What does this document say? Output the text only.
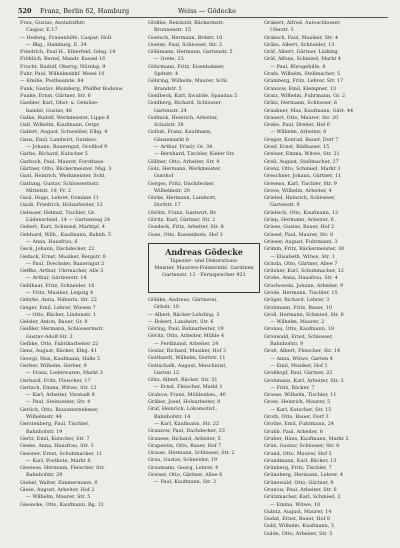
520 Franz, Berlin 62, Hamburg	Weiss — Gödecke
Frau, Gustav, Anstaltsfhrr.
Caspar, E.17
— Hedwig, Frauenhilfe, Caspar, Holl.
— Bbg., Hamburg, E. 34
Friedrich, Paul H., Elberfeld, Gdsg. 14
Fröhlich, Bernd, Mandr. Kassel 16
Frucht, Rudolf, Oberrg. Nürnbg. 9
Fuhr, Paul, Wilhelmsbhf. Wesel 10
— Emilie, Postbeamte, 84
Funk, Gustav, Blomberg, Pfeiffer Bodenw.
Funke, Ernst, Gärtner, Str. 6
Gaebler, Karl, Obst- u. Gemüse-
handel, Gustav, 46
Galke, Rudolf, Werkmeister, Lippe 8
Gall, Wilhelm, Kaufmann, Ostpr.
Gallert, August, Schweißer, Elbg. 4
Gans, Emil, Landwirt, Gutsbes.
— Johann, Bauerngut, Großhof 9
Garbe, Richard, Kutscher 5
Garbsch, Paul, Maurer, Forsthaus
Gärtner, Otto, Bäckermeister, Nbg. 3
Gast, Heinrich, Werkmeister, Schl.
Gattung, Gustav, Schlossermstr.
Mittelstr. 19, Pr. 2
Gaul, Hugo, Lehrer, Domäne 11
Gauß, Friedrich, Holzarbeiter, 12
Gebauer, Helmut, Tischler, Gr.
Lüdenscheid, 14 — Gartenweg 24
Gebert, Kurt, Schmied, Marktpl. 4
Gebhard, Wilh., Kaufmann, Bahnh. 5
— Anna, Hausfrau, 6
Geck, Johann, Dachdecker, 22
Gedack, Ernst, Musiker, Bergstr. 8
— Paul, Drechsler, Bauerngut 2
Geffke, Arthur, Uhrmacher, Alle 3
— Arthur, Gärtnerstr. 14
Gehlhaar, Fritz, Schneider, 16
— Fritz, Musiker, Leipzig 4
Gehrke, Anna, Näherin, Str. 22
Geiger, Emil, Lehrer, Wiesen 7
— Otto, Bäcker, Lindenstr. 1
Geisler, Anton, Bauer, Gr. 9
Geißler, Hermann, Schlossermstr.
Gustav-Adolf-Str. 3
Gelbke, Otto, Fabrikarbeiter 22
Genz, August, Bäcker, Elbg. 41
Georgi, Max, Kaufmann, Halle 5
Gerber, Wilhelm, Gerber, 9
— Franz, Lederwaren, Markt 3
Gerhard, Fritz, Fleischer, 17
Gerlach, Emma, Witwe, Str. 12
— Karl, Arbeiter, Vorstadt 8
— Paul, Steinsetzer, Str. 4
Gerlich, Otto, Bauunternehmer,
Wilhelmstr. 44
Gerstenberg, Paul, Tischler,
Bahnhofstr. 19
Gertz, Emil, Kutscher, Str. 7
Geske, Anna, Hausfrau, Str. 3
Gessner, Ernst, Schuhmacher, 11
— Karl, Postbote, Markt 8
Gewiese, Hermann, Fleischer, Str.
Bahnhofstr. 29
Giebel, Walter, Zimmermann, 6
Giese, August, Arbeiter, Hof 2
— Wilhelm, Maurer, Str. 5
Giesecke, Otto, Kaufmann, Bg. 31
Gödtke, Reinhold, Bäckermstr.
Brunnenstr. 15
Goetsch, Hermann, Brdstr. 10
Goetze, Paul, Schlosser, Str. 2
Göhlmann, Hermann, Gartenstr. 5
— Grete, 23
Göhrmann, Fritz, Eisenbahner,
Spdtstr. 4
Göhring, Wilhelm, Maurer, Schl.
Brandstr. 5
Goldbeck, Karl, Invalide, Spandau 5
Goldberg, Richard, Schlosser,
Gartenstr. 24
Gollnick, Heinrich, Arbeiter,
Schulstr. 38
Gollub, Franz, Kaufmann,
Gänsemarkt 8
— Arthur, Frisör, Gr. 34
— Bernhard, Tischler, Kieler Str.
Göllner, Otto, Arbeiter, Str. 9
Golz, Hermann, Werkmeister,
Gutshof
Gorges, Fritz, Dachdecker,
Wilhelmstr. 29
Görke, Hermann, Landwirt,
Dorfstr. 17
Görlitz, Franz, Gastwirt, Br.
Göritz, Karl, Gärtner, Str. 2
Gosdeck, Fritz, Arbeiter, Str. 8
Gose, Otto, Kassenbote, Hof 3
Andreas Gödecke
Tapezier- und Dekorations-
Meister, Maurers-Polstermbl. Gardinen
Gartenstr. 12 · Fernsprecher 421
Göhlke, Andreas, Gärtnerei,
Grbstr. 10
— Albert, Bäcker-Lehrling, 3
— Robert, Landwirt, Str. 6
Göring, Paul, Bahnarbeiter, 19
Göritz, Otto, Arbeiter, Mühle 4
— Ferdinand, Arbeiter, 24
Goslar, Richard, Musiker, Hof 3
Gotthardt, Wilhelm, Dorfstr. 11
Gottschalk, August, Maschinist,
Garten 12
Götz, Albert, Bäcker, Str. 31
— Ernst, Fleischer, Markt 1
Grabow, Franz, Mühlenbes., 40
Gräber, Josef, Holzarbeiter, 8
Graf, Heinrich, Lokomotivf.,
Bahnhofstr. 14
— Karl, Kaufmann, Str. 22
Granzow, Paul, Dachdecker, 33
Gransee, Richard, Arbeiter, 5
Grapentin, Otto, Bauer, Hof 7
Grasse, Hermann, Schlosser, Str. 2
Grau, Gustav, Schneider, 19
Graumann, Georg, Lehrer, 4
Greiser, Otto, Gärtner, Allee 6
— Paul, Kaufmann, Str. 2
Grabert, Alfred, Autoschlosser,
Uferstr. 3
Grabsch, Paul, Musiker, Str. 4
Gräbs, Albert, Schneider, 13
Gräf, Albert, Gärtner, Lüdnbg.
Gräf, Alfons, Schmied, Markt 4
— Paul, Bürogehilfe, 8
Grafe, Wilhelm, Stellmacher, 5
Gramberg, Fritz, Lehrer, Str. 17
Granzow, Emil, Klempner, 13
Gratz, Wilhelm, Fuhrmann, Gr. 2
Grätz, Hermann, Schlosser, 6
Graubner, Max, Kaufmann, Gärt. 44
Grauert, Otto, Maurer, Str. 20
Grebe, Paul, Dreher, Hof 6
— Wilhelm, Arbeiter, 8
Gregor, Konrad, Bauer, Dorf 7
Greif, Ernst, Bildhauer, 15
Greiner, Emma, Witwe, Str. 21
Grell, August, Stellmacher, 27
Grenz, Otto, Schmied, Markt 3
Greschner, Johann, Gärtner, 11
Gresens, Karl, Tischler, Str. 9
Greve, Wilhelm, Arbeiter, 4
Griebel, Heinrich, Schlosser,
Gartenstr. 9
Griebsch, Otto, Kaufmann, 12
Griep, Hermann, Arbeiter, 6
Griese, Gustav, Bauer, Hof 2
Griesel, Paul, Maurer, Str. 8
Grieser, August, Fuhrmann, 3
Grimm, Fritz, Bäckermeister, 30
— Elisabeth, Witwe, Str. 1
Grinda, Otto, Gärtner, Allee 7
Gritzner, Karl, Schuhmacher, 12
Grobe, Anna, Hausfrau, Str. 4
Grochowski, Johann, Arbeiter, 9
Grode, Hermann, Tischler, 15
Gröger, Richard, Lehrer, 3
Grohmann, Fritz, Bauer, 10
Groll, Hermann, Schmied, Str. 6
— Wilhelm, Maurer, 2
Gronau, Otto, Kaufmann, 18
Gronwald, Ernst, Schlosser,
Bahnhofstr. 9
Groß, Albert, Fleischer, Str. 14
— Anna, Witwe, Garten 4
— Emil, Musiker, Hof 1
Großkopf, Paul, Gärtner, 22
Großmann, Karl, Arbeiter, Str. 3
— Fritz, Bäcker, 7
Grosse, Wilhelm, Tischler, 11
Grote, Heinrich, Maurer, 5
— Karl, Kutscher, Str. 15
Groth, Otto, Bauer, Dorf 3
Grothe, Emil, Fuhrmann, 24
Grubb, Paul, Arbeiter, 6
Gruber, Hans, Kaufmann, Markt 2
Grün, Gustav, Schlosser, Str. 8
Grund, Otto, Maurer, Hof 5
Grundmann, Karl, Bäcker, 13
Grünberg, Fritz, Tischler, 7
Grüneberg, Hermann, Lehrer, 4
Grünewald, Otto, Gärtner, 9
Grunow, Paul, Arbeiter, Str. 6
Grützmacher, Karl, Schmied, 2
— Emma, Witwe, 10
Gubitz, August, Maurer, 14
Gudat, Ernst, Bauer, Hof 8
Guhl, Wilhelm, Kaufmann, 3
Gulde, Otto, Arbeiter, Str. 5
